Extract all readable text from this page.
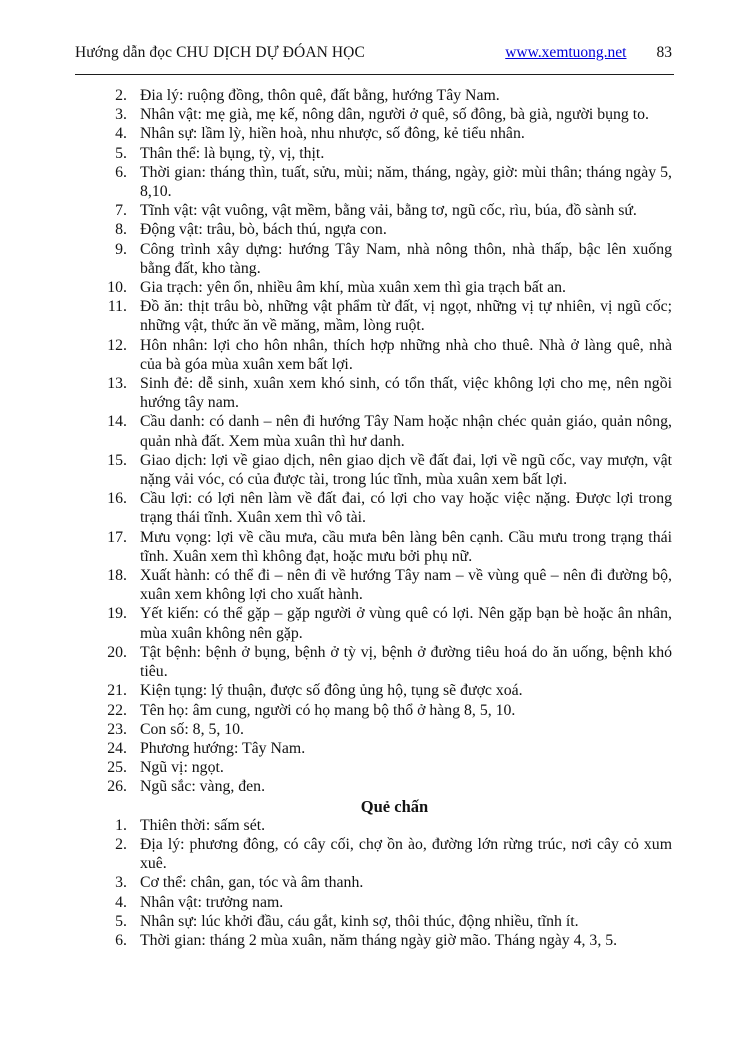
Hướng dẫn đọc CHU DỊCH DỰ ĐÓAN HỌC	www.xemtuong.net 83
2. Đia lý: ruộng đồng, thôn quê, đất bằng, hướng Tây Nam.
3. Nhân vật: mẹ già, mẹ kế, nông dân, người ở quê, số đông, bà già, người bụng to.
4. Nhân sự: lầm lỳ, hiền hoà, nhu nhược, số đông, kẻ tiểu nhân.
5. Thân thể: là bụng, tỳ, vị, thịt.
6. Thời gian: tháng thìn, tuất, sửu, mùi; năm, tháng, ngày, giờ: mùi thân; tháng ngày 5, 8,10.
7. Tĩnh vật: vật vuông, vật mềm, bằng vải, bằng tơ, ngũ cốc, rìu, búa, đồ sành sứ.
8. Động vật: trâu, bò, bách thú, ngựa con.
9. Công trình xây dựng: hướng Tây Nam, nhà nông thôn, nhà thấp, bậc lên xuống bằng đất, kho tàng.
10. Gia trạch: yên ổn, nhiều âm khí, mùa xuân xem thì gia trạch bất an.
11. Đồ ăn: thịt trâu bò, những vật phẩm từ đất, vị ngọt, những vị tự nhiên, vị ngũ cốc; những vật, thức ăn về măng, mầm, lòng ruột.
12. Hôn nhân: lợi cho hôn nhân, thích hợp những nhà cho thuê. Nhà ở làng quê, nhà của bà góa mùa xuân xem bất lợi.
13. Sinh đẻ: dễ sinh, xuân xem khó sinh, có tổn thất, việc không lợi cho mẹ, nên ngồi hướng tây nam.
14. Cầu danh: có danh – nên đi hướng Tây Nam hoặc nhận chéc quản giáo, quản nông, quản nhà đất. Xem mùa xuân thì hư danh.
15. Giao dịch: lợi về giao dịch, nên giao dịch về đất đai, lợi về ngũ cốc, vay mượn, vật nặng vải vóc, có của được tài, trong lúc tĩnh, mùa xuân xem bất lợi.
16. Cầu lợi: có lợi nên làm về đất đai, có lợi cho vay hoặc việc nặng. Được lợi trong trạng thái tĩnh. Xuân xem thì vô tài.
17. Mưu vọng: lợi về cầu mưa, cầu mưa bên làng bên cạnh. Cầu mưu trong trạng thái tĩnh. Xuân xem thì không đạt, hoặc mưu bởi phụ nữ.
18. Xuất hành: có thể đi – nên đi về hướng Tây nam – về vùng quê – nên đi đường bộ, xuân xem không lợi cho xuất hành.
19. Yết kiến: có thể gặp – gặp người ở vùng quê có lợi. Nên gặp bạn bè hoặc ân nhân, mùa xuân không nên gặp.
20. Tật bệnh: bệnh ở bụng, bệnh ở tỳ vị, bệnh ở đường tiêu hoá do ăn uống, bệnh khó tiêu.
21. Kiện tụng: lý thuận, được số đông ủng hộ, tụng sẽ được xoá.
22. Tên họ: âm cung, người có họ mang bộ thổ ở hàng 8, 5, 10.
23. Con số: 8, 5, 10.
24. Phương hướng: Tây Nam.
25. Ngũ vị: ngọt.
26. Ngũ sắc: vàng, đen.
Quẻ chấn
1. Thiên thời: sấm sét.
2. Địa lý: phương đông, có cây cối, chợ ồn ào, đường lớn rừng trúc, nơi cây cỏ xum xuê.
3. Cơ thể: chân, gan, tóc và âm thanh.
4. Nhân vật: trưởng nam.
5. Nhân sự: lúc khởi đầu, cáu gắt, kinh sợ, thôi thúc, động nhiều, tĩnh ít.
6. Thời gian: tháng 2 mùa xuân, năm tháng ngày giờ mão. Tháng ngày 4, 3, 5.
